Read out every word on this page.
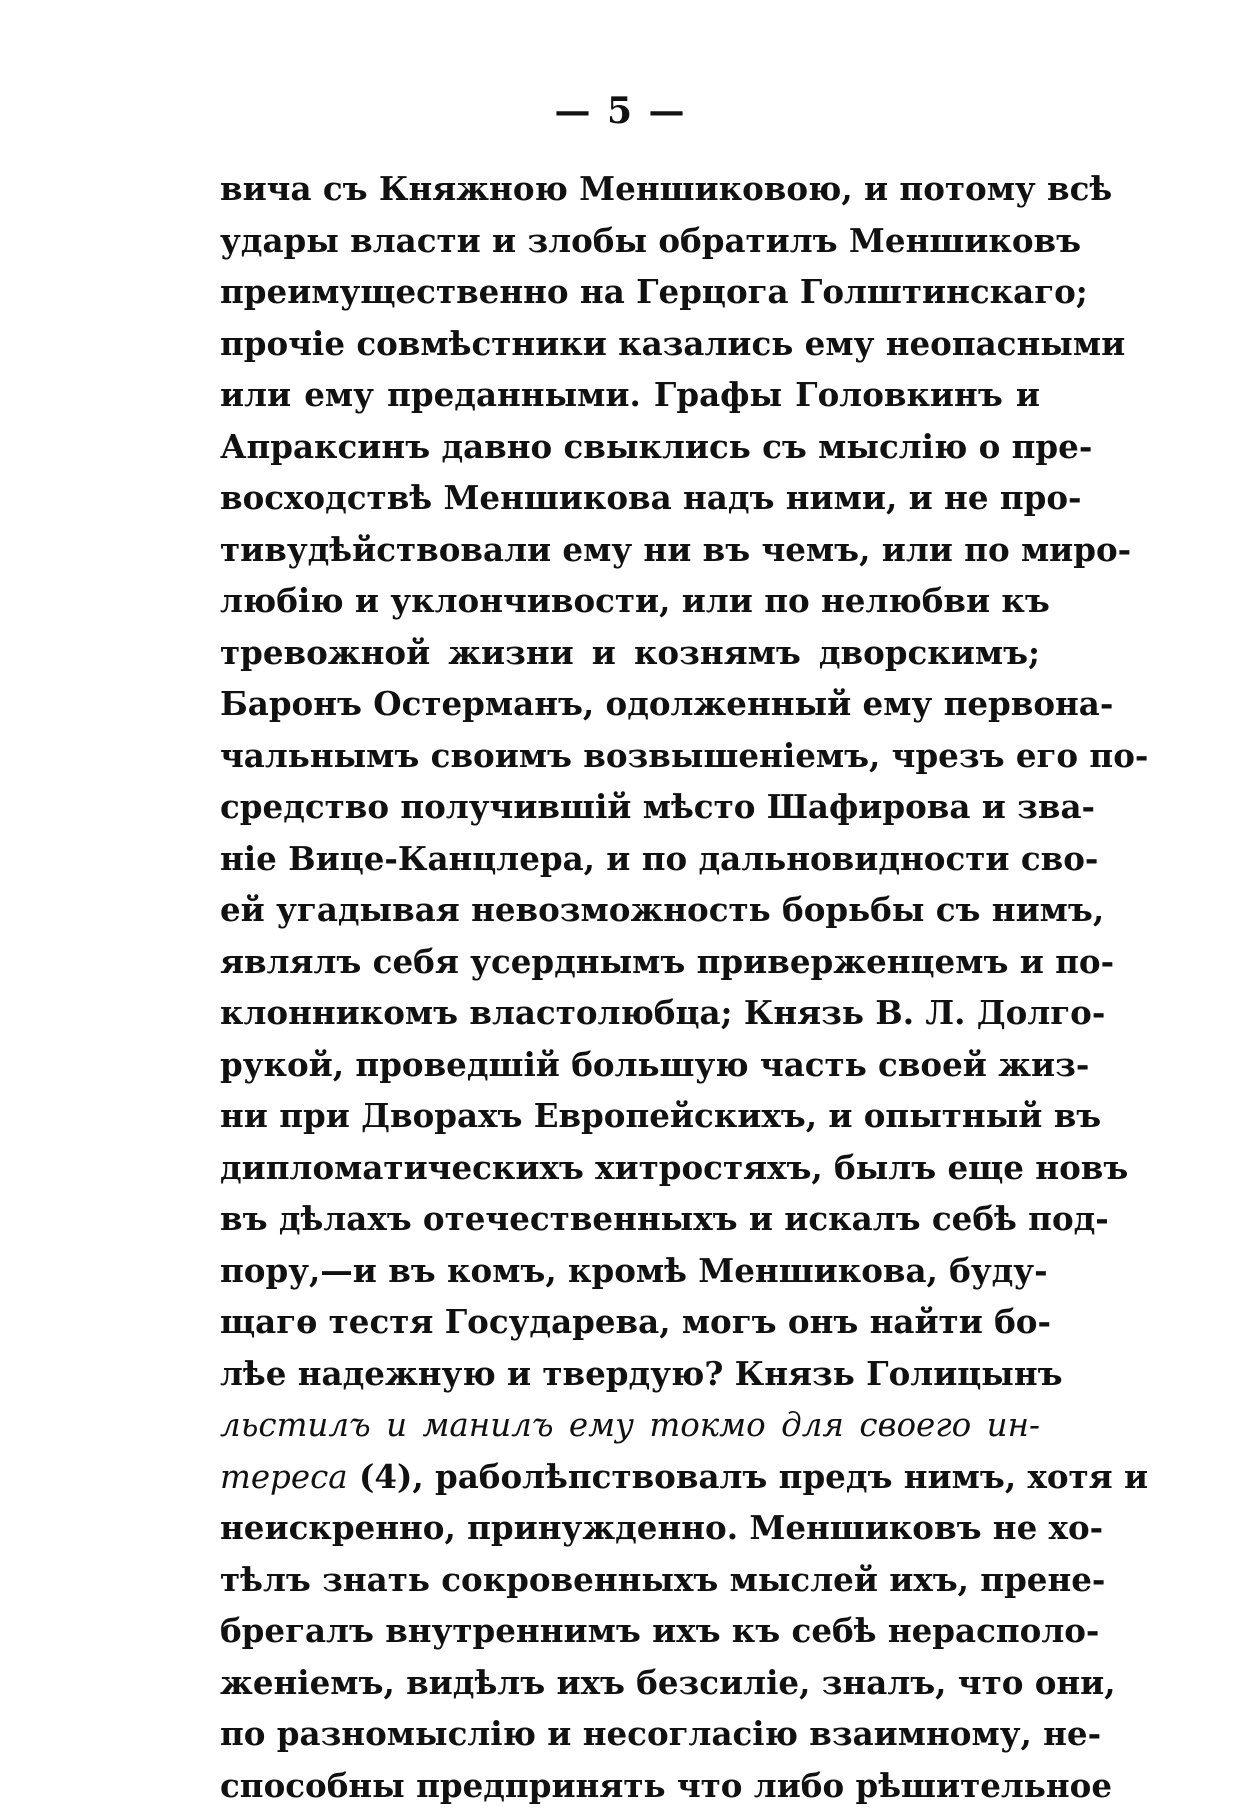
— 5 —
вича съ Княжною Меншиковою, и потому всѣ
удары власти и злобы обратилъ Меншиковъ
преимущественно на Герцога Голштинскаго;
прочіе совмѣстники казались ему неопасными
или ему преданными. Графы Головкинъ и
Апраксинъ давно свыклись съ мыслію о пре-
восходствѣ Меншикова надъ ними, и не про-
тивудѣйствовали ему ни въ чемъ, или по миро-
любію и уклончивости, или по нелюбви къ
тревожной жизни и кознямъ дворскимъ;
Баронъ Остерманъ, одолженный ему первона-
чальнымъ своимъ возвышеніемъ, чрезъ его по-
средство получившій мѣсто Шафирова и зва-
ніе Вице-Канцлера, и по дальновидности сво-
ей угадывая невозможность борьбы съ нимъ,
являлъ себя усерднымъ приверженцемъ и по-
клонникомъ властолюбца; Князь В. Л. Долго-
рукой, проведшій большую часть своей жиз-
ни при Дворахъ Европейскихъ, и опытный въ
дипломатическихъ хитростяхъ, былъ еще новъ
въ дѣлахъ отечественныхъ и искалъ себѣ под-
пору,—и въ комъ, кромѣ Меншикова, буду-
щагѳ тестя Государева, могъ онъ найти бо-
лѣе надежную и твердую? Князь Голицынъ
льстилъ и манилъ ему токмо для своего ин-
тереса (4), раболѣпствовалъ предъ нимъ, хотя и
неискренно, принужденно. Меншиковъ не хо-
тѣлъ знать сокровенныхъ мыслей ихъ, прене-
брегалъ внутреннимъ ихъ къ себѣ нерасполо-
женіемъ, видѣлъ ихъ безсиліе, зналъ, что они,
по разномыслію и несогласію взаимному, не-
способны предпринять что либо рѣшительное
